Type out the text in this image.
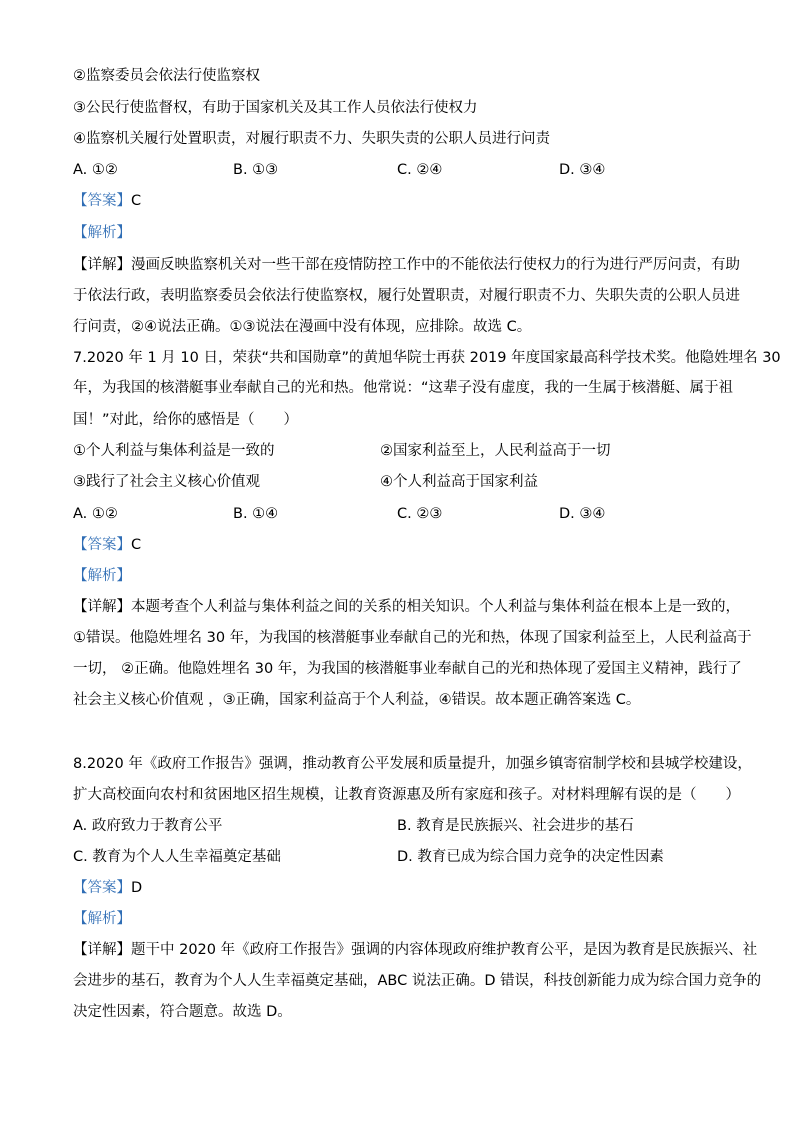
②监察委员会依法行使监察权
③公民行使监督权，有助于国家机关及其工作人员依法行使权力
④监察机关履行处置职责，对履行职责不力、失职失责的公职人员进行问责
A. ①②	B. ①③	C. ②④	D. ③④
【答案】C
【解析】
【详解】漫画反映监察机关对一些干部在疫情防控工作中的不能依法行使权力的行为进行严厉问责，有助
于依法行政，表明监察委员会依法行使监察权，履行处置职责，对履行职责不力、失职失责的公职人员进
行问责，②④说法正确。①③说法在漫画中没有体现，应排除。故选 C。
7.2020 年 1 月 10 日，荣获“共和国勋章”的黄旭华院士再获 2019 年度国家最高科学技术奖。他隐姓埋名 30
年，为我国的核潜艇事业奉献自己的光和热。他常说：“这辈子没有虚度，我的一生属于核潜艇、属于祖
国！”对此，给你的感悟是（　　）
①个人利益与集体利益是一致的	②国家利益至上，人民利益高于一切
③践行了社会主义核心价值观	④个人利益高于国家利益
A. ①②	B. ①④	C. ②③	D. ③④
【答案】C
【解析】
【详解】本题考查个人利益与集体利益之间的关系的相关知识。个人利益与集体利益在根本上是一致的，
①错误。他隐姓埋名 30 年，为我国的核潜艇事业奉献自己的光和热，体现了国家利益至上，人民利益高于
一切， ②正确。他隐姓埋名 30 年，为我国的核潜艇事业奉献自己的光和热体现了爱国主义精神，践行了
社会主义核心价值观 ，③正确，国家利益高于个人利益，④错误。故本题正确答案选 C。
8.2020 年《政府工作报告》强调，推动教育公平发展和质量提升，加强乡镇寄宿制学校和县城学校建设，
扩大高校面向农村和贫困地区招生规模，让教育资源惠及所有家庭和孩子。对材料理解有误的是（　　）
A. 政府致力于教育公平	B. 教育是民族振兴、社会进步的基石
C. 教育为个人人生幸福奠定基础	D. 教育已成为综合国力竞争的决定性因素
【答案】D
【解析】
【详解】题干中 2020 年《政府工作报告》强调的内容体现政府维护教育公平，是因为教育是民族振兴、社
会进步的基石，教育为个人人生幸福奠定基础，ABC 说法正确。D 错误，科技创新能力成为综合国力竞争的
决定性因素，符合题意。故选 D。
